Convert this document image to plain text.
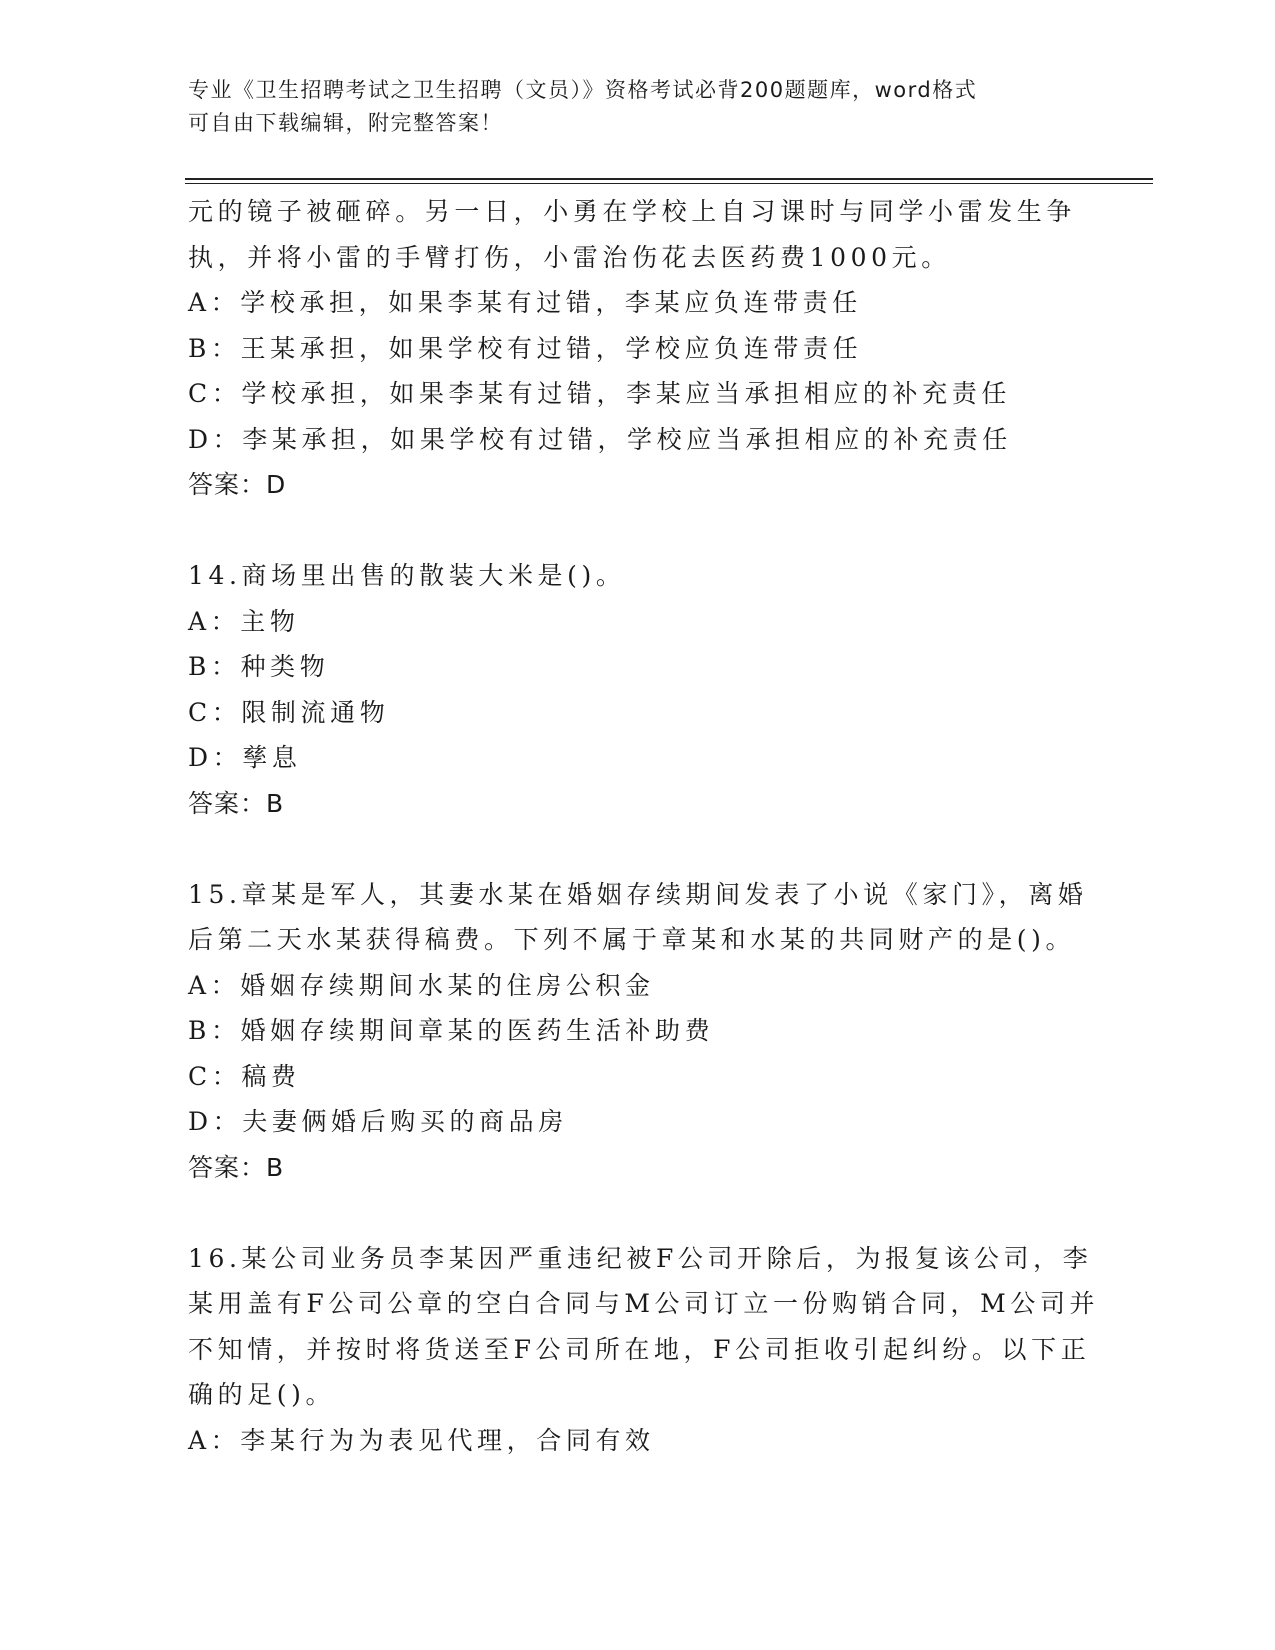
专业《卫生招聘考试之卫生招聘（文员）》资格考试必背200题题库，word格式
可自由下载编辑，附完整答案！
元的镜子被砸碎。另一日，小勇在学校上自习课时与同学小雷发生争
执，并将小雷的手臂打伤，小雷治伤花去医药费1000元。
A：学校承担，如果李某有过错，李某应负连带责任
B：王某承担，如果学校有过错，学校应负连带责任
C：学校承担，如果李某有过错，李某应当承担相应的补充责任
D：李某承担，如果学校有过错，学校应当承担相应的补充责任
答案：D
14.商场里出售的散装大米是()。
A：主物
B：种类物
C：限制流通物
D：孳息
答案：B
15.章某是军人，其妻水某在婚姻存续期间发表了小说《家门》，离婚
后第二天水某获得稿费。下列不属于章某和水某的共同财产的是()。
A：婚姻存续期间水某的住房公积金
B：婚姻存续期间章某的医药生活补助费
C：稿费
D：夫妻俩婚后购买的商品房
答案：B
16.某公司业务员李某因严重违纪被F公司开除后，为报复该公司，李
某用盖有F公司公章的空白合同与M公司订立一份购销合同，M公司并
不知情，并按时将货送至F公司所在地，F公司拒收引起纠纷。以下正
确的足()。
A：李某行为为表见代理，合同有效
